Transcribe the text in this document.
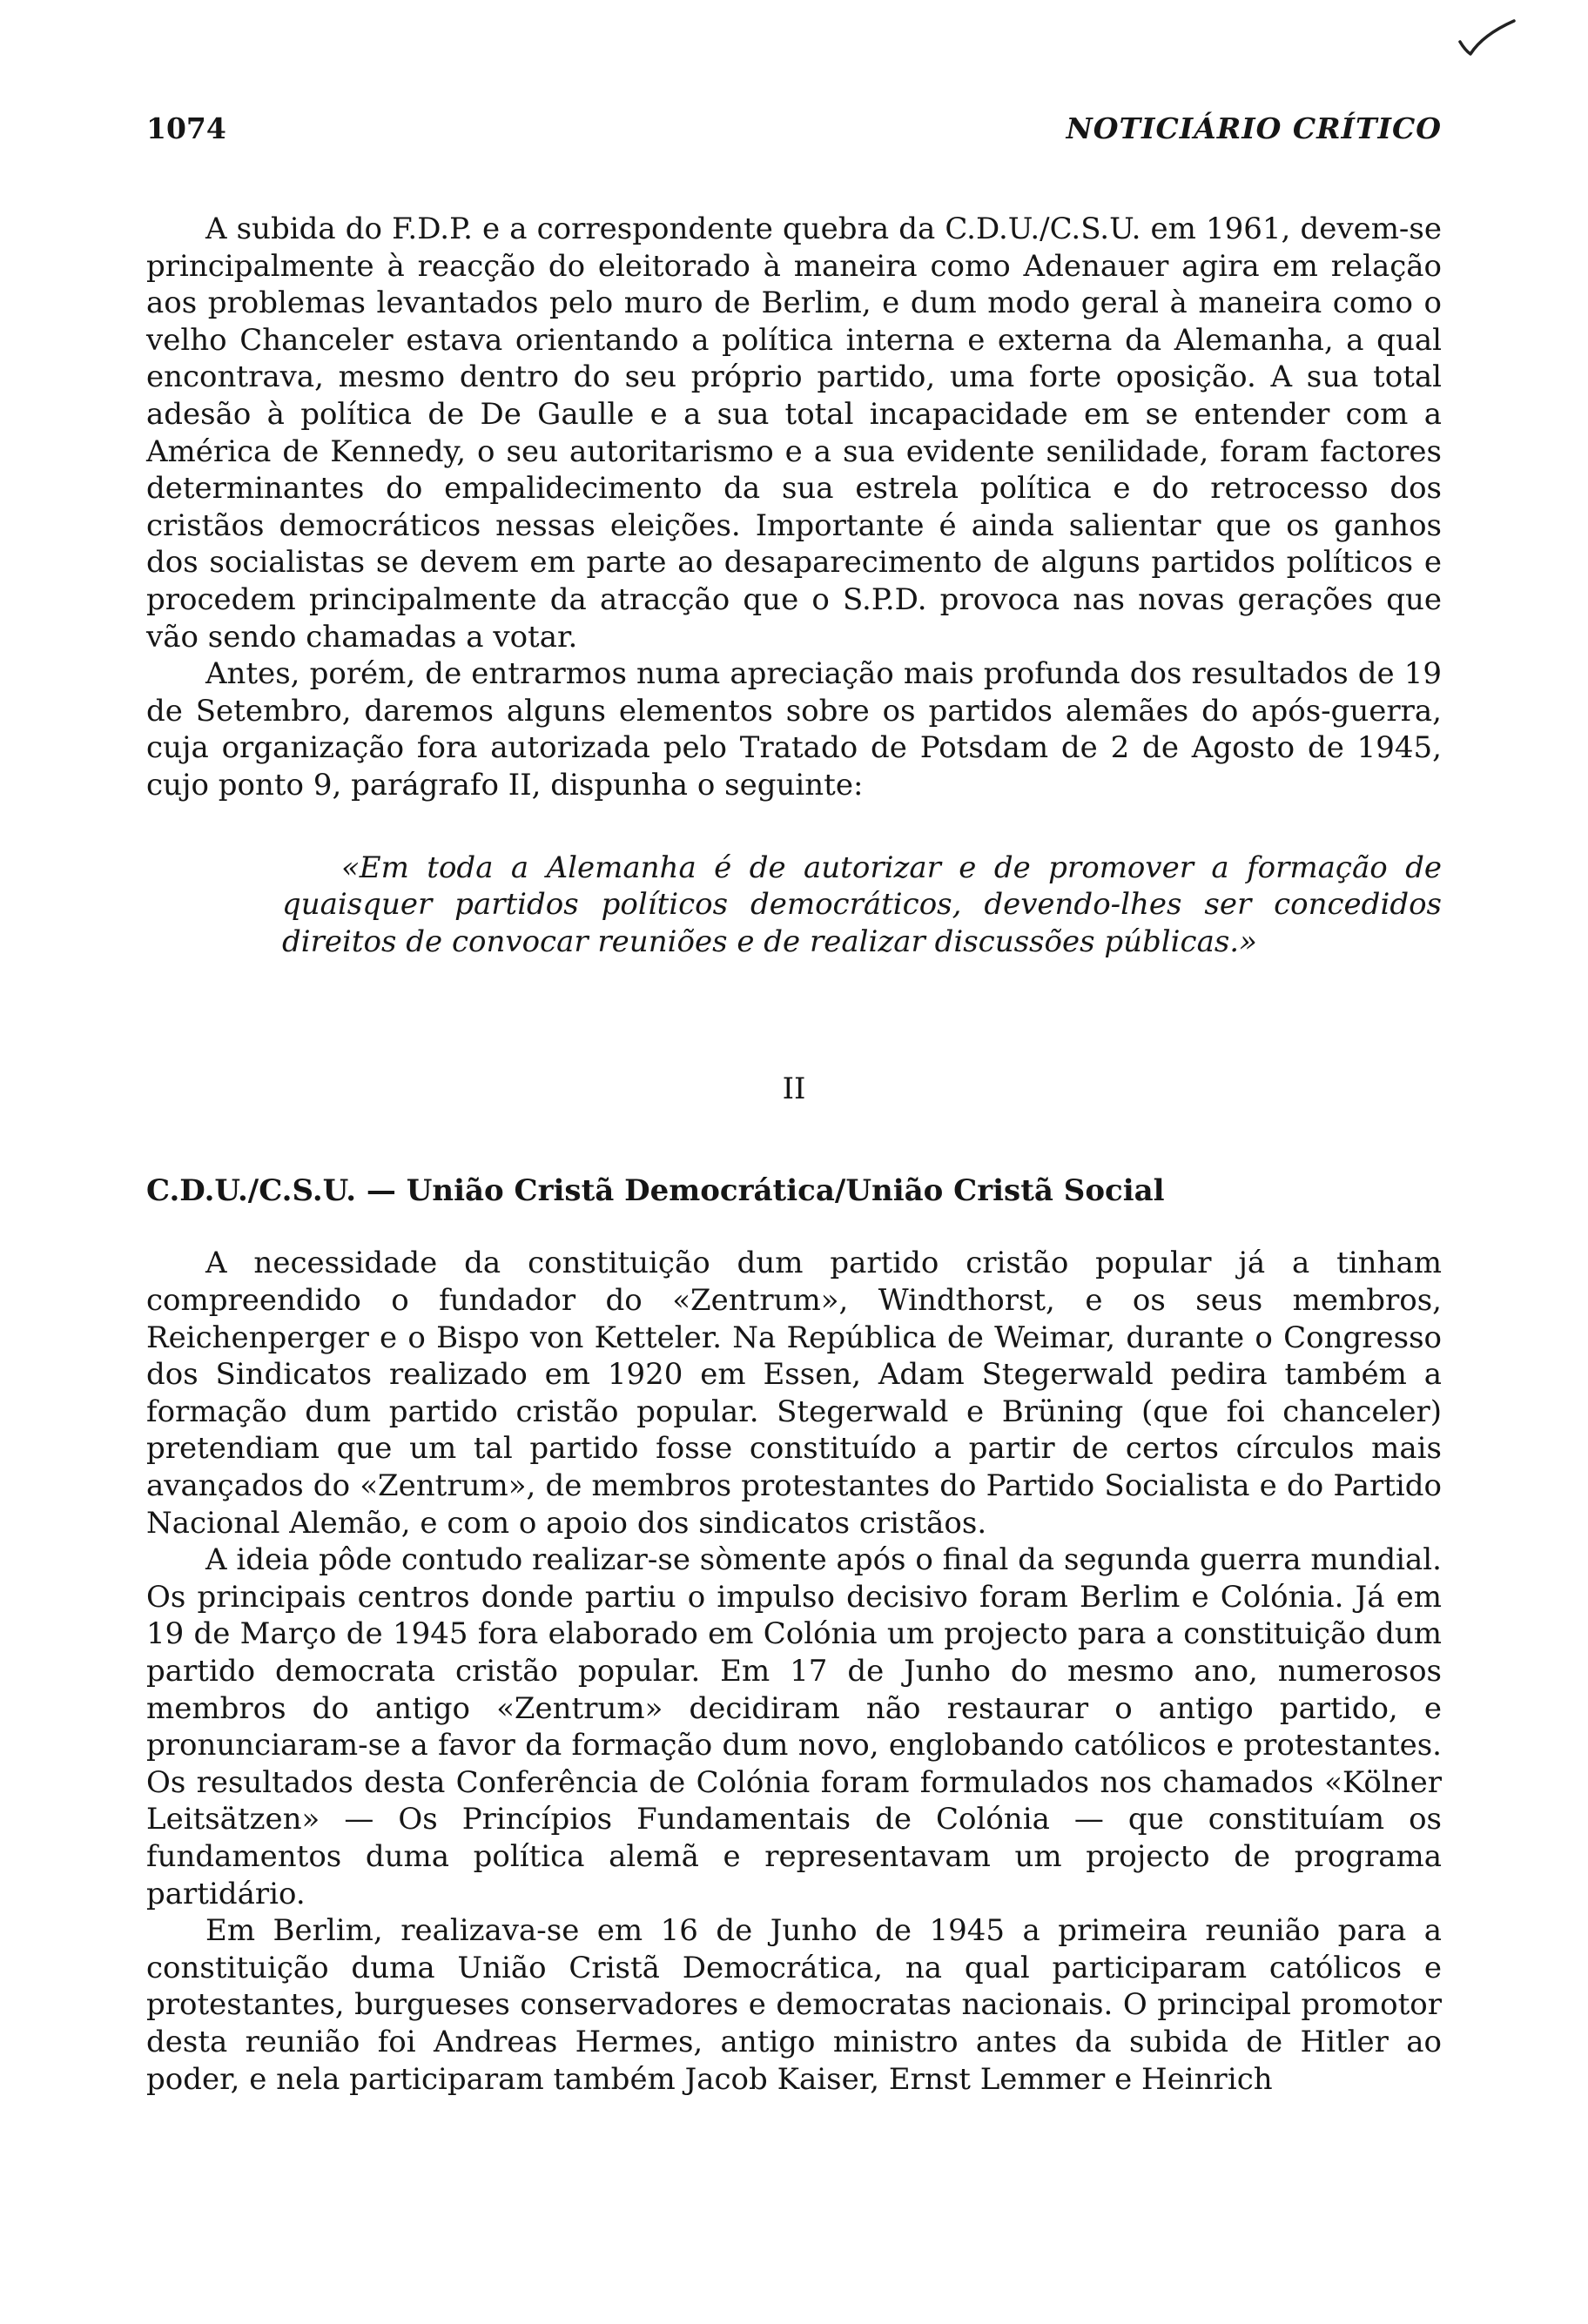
1074	NOTICIÁRIO CRÍTICO

A subida do F.D.P. e a correspondente quebra da C.D.U./C.S.U. em 1961, devem-se principalmente à reacção do eleitorado à maneira como Adenauer agira em relação aos problemas levantados pelo muro de Berlim, e dum modo geral à maneira como o velho Chanceler estava orientando a política interna e externa da Alemanha, a qual encontrava, mesmo dentro do seu próprio partido, uma forte oposição. A sua total adesão à política de De Gaulle e a sua total incapacidade em se entender com a América de Kennedy, o seu autoritarismo e a sua evidente senilidade, foram factores determinantes do empalidecimento da sua estrela política e do retrocesso dos cristãos democráticos nessas eleições. Importante é ainda salientar que os ganhos dos socialistas se devem em parte ao desaparecimento de alguns partidos políticos e procedem principalmente da atracção que o S.P.D. provoca nas novas gerações que vão sendo chamadas a votar.

Antes, porém, de entrarmos numa apreciação mais profunda dos resultados de 19 de Setembro, daremos alguns elementos sobre os partidos alemães do após-guerra, cuja organização fora autorizada pelo Tratado de Potsdam de 2 de Agosto de 1945, cujo ponto 9, parágrafo II, dispunha o seguinte:

«Em toda a Alemanha é de autorizar e de promover a formação de quaisquer partidos políticos democráticos, devendo-lhes ser concedidos direitos de convocar reuniões e de realizar discussões públicas.»
II
C.D.U./C.S.U. — União Cristã Democrática/União Cristã Social

A necessidade da constituição dum partido cristão popular já a tinham compreendido o fundador do «Zentrum», Windthorst, e os seus membros, Reichenperger e o Bispo von Ketteler. Na República de Weimar, durante o Congresso dos Sindicatos realizado em 1920 em Essen, Adam Stegerwald pedira também a formação dum partido cristão popular. Stegerwald e Brüning (que foi chanceler) pretendiam que um tal partido fosse constituído a partir de certos círculos mais avançados do «Zentrum», de membros protestantes do Partido Socialista e do Partido Nacional Alemão, e com o apoio dos sindicatos cristãos.

A ideia pôde contudo realizar-se sòmente após o final da segunda guerra mundial. Os principais centros donde partiu o impulso decisivo foram Berlim e Colónia. Já em 19 de Março de 1945 fora elaborado em Colónia um projecto para a constituição dum partido democrata cristão popular. Em 17 de Junho do mesmo ano, numerosos membros do antigo «Zentrum» decidiram não restaurar o antigo partido, e pronunciaram-se a favor da formação dum novo, englobando católicos e protestantes. Os resultados desta Conferência de Colónia foram formulados nos chamados «Kölner Leitsätzen» — Os Princípios Fundamentais de Colónia — que constituíam os fundamentos duma política alemã e representavam um projecto de programa partidário.

Em Berlim, realizava-se em 16 de Junho de 1945 a primeira reunião para a constituição duma União Cristã Democrática, na qual participaram católicos e protestantes, burgueses conservadores e democratas nacionais. O principal promotor desta reunião foi Andreas Hermes, antigo ministro antes da subida de Hitler ao poder, e nela participaram também Jacob Kaiser, Ernst Lemmer e Heinrich
